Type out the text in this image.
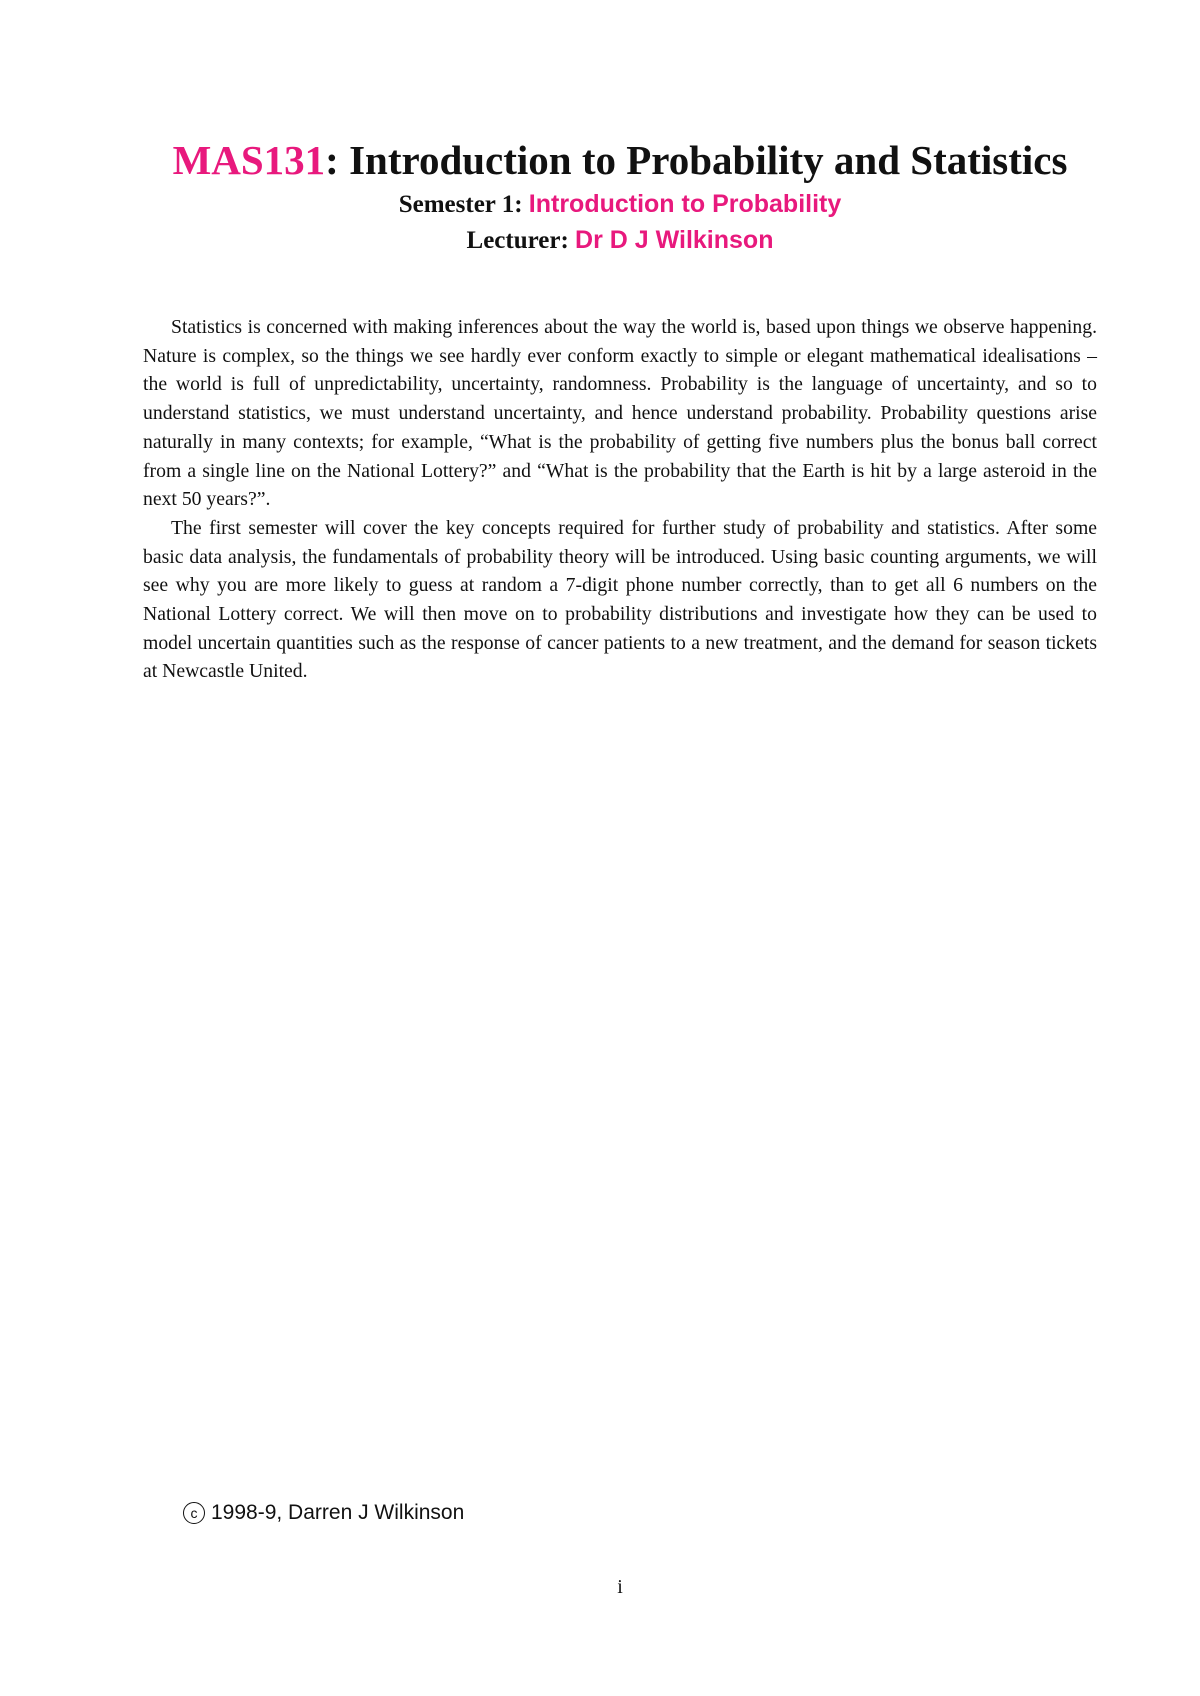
MAS131: Introduction to Probability and Statistics
Semester 1: Introduction to Probability
Lecturer: Dr D J Wilkinson

Statistics is concerned with making inferences about the way the world is, based upon things we observe happening. Nature is complex, so the things we see hardly ever conform exactly to simple or elegant mathematical idealisations – the world is full of unpredictability, uncertainty, randomness. Probability is the language of uncertainty, and so to understand statistics, we must understand uncertainty, and hence understand probability. Probability questions arise naturally in many contexts; for example, “What is the probability of getting five numbers plus the bonus ball correct from a single line on the National Lottery?” and “What is the probability that the Earth is hit by a large asteroid in the next 50 years?”.

The first semester will cover the key concepts required for further study of probability and statistics. After some basic data analysis, the fundamentals of probability theory will be introduced. Using basic counting arguments, we will see why you are more likely to guess at random a 7-digit phone number correctly, than to get all 6 numbers on the National Lottery correct. We will then move on to probability distributions and investigate how they can be used to model uncertain quantities such as the response of cancer patients to a new treatment, and the demand for season tickets at Newcastle United.

c 1998-9, Darren J Wilkinson
i
